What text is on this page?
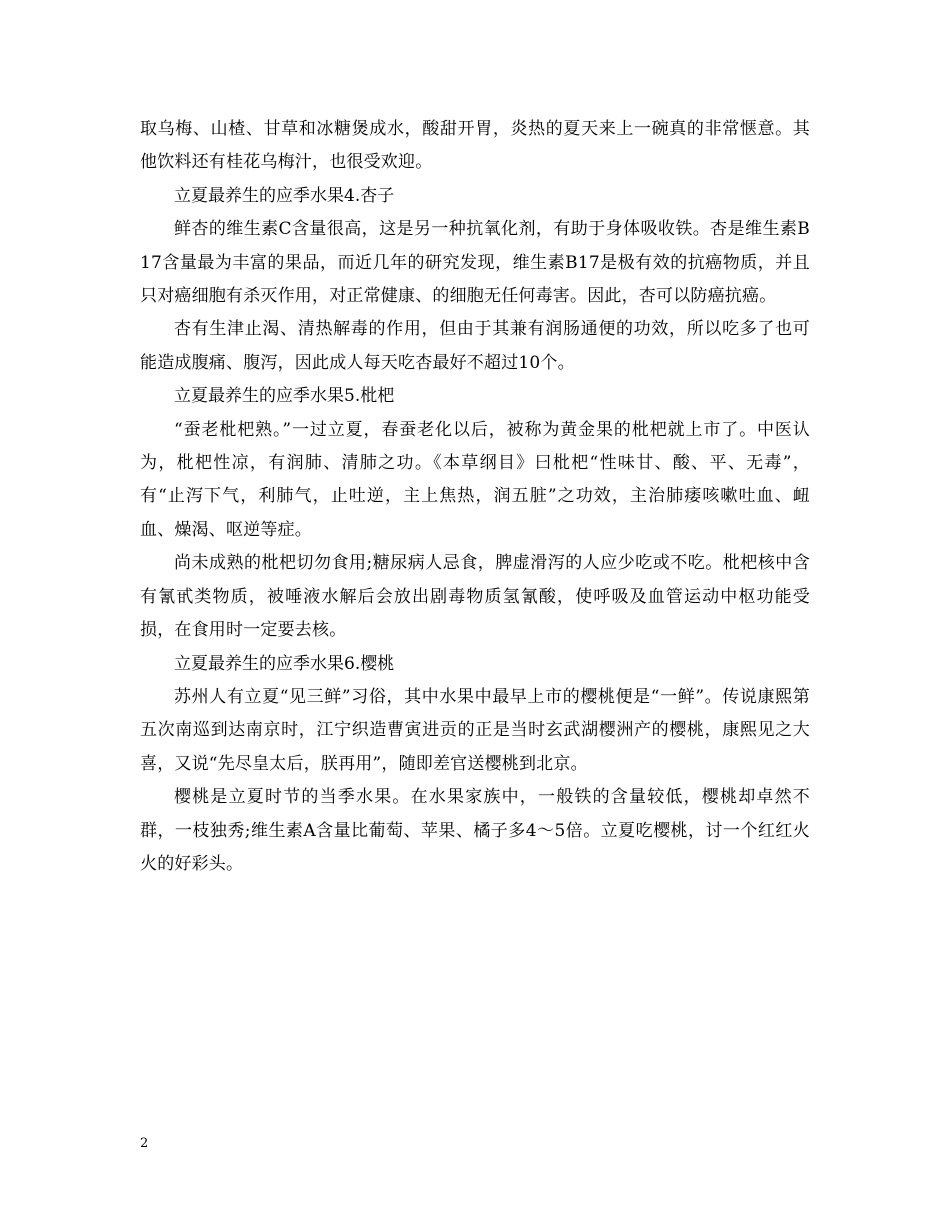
取乌梅、山楂、甘草和冰糖煲成水，酸甜开胃，炎热的夏天来上一碗真的非常惬意。其他饮料还有桂花乌梅汁，也很受欢迎。

立夏最养生的应季水果4.杏子

鲜杏的维生素C含量很高，这是另一种抗氧化剂，有助于身体吸收铁。杏是维生素B17含量最为丰富的果品，而近几年的研究发现，维生素B17是极有效的抗癌物质，并且只对癌细胞有杀灭作用，对正常健康、的细胞无任何毒害。因此，杏可以防癌抗癌。

杏有生津止渴、清热解毒的作用，但由于其兼有润肠通便的功效，所以吃多了也可能造成腹痛、腹泻，因此成人每天吃杏最好不超过10个。

立夏最养生的应季水果5.枇杷

“蚕老枇杷熟。”一过立夏，春蚕老化以后，被称为黄金果的枇杷就上市了。中医认为，枇杷性凉，有润肺、清肺之功。《本草纲目》曰枇杷“性味甘、酸、平、无毒”，有“止泻下气，利肺气，止吐逆，主上焦热，润五脏”之功效，主治肺痿咳嗽吐血、衄血、燥渴、呕逆等症。

尚未成熟的枇杷切勿食用;糖尿病人忌食，脾虚滑泻的人应少吃或不吃。枇杷核中含有氰甙类物质，被唾液水解后会放出剧毒物质氢氰酸，使呼吸及血管运动中枢功能受损，在食用时一定要去核。

立夏最养生的应季水果6.樱桃

苏州人有立夏“见三鲜”习俗，其中水果中最早上市的樱桃便是“一鲜”。传说康熙第五次南巡到达南京时，江宁织造曹寅进贡的正是当时玄武湖樱洲产的樱桃，康熙见之大喜，又说“先尽皇太后，朕再用”，随即差官送樱桃到北京。

樱桃是立夏时节的当季水果。在水果家族中，一般铁的含量较低，樱桃却卓然不群，一枝独秀;维生素A含量比葡萄、苹果、橘子多4～5倍。立夏吃樱桃，讨一个红红火火的好彩头。

2
